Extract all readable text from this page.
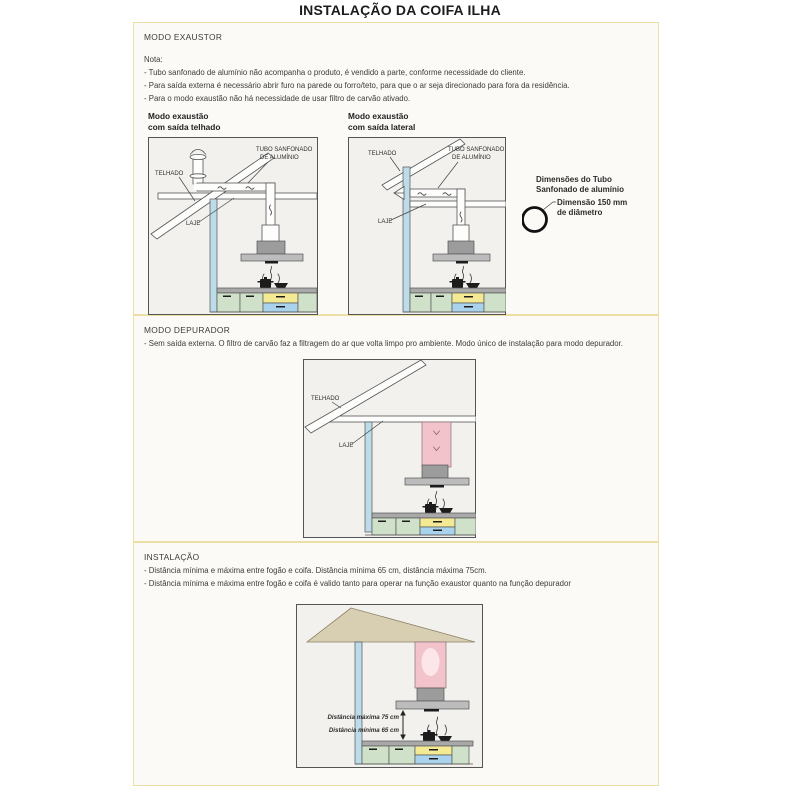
INSTALAÇÃO DA COIFA ILHA
MODO EXAUSTOR
Nota:
- Tubo sanfonado de alumínio não acompanha o produto, é vendido a parte, conforme necessidade do cliente.
- Para saída externa é necessário abrir furo na parede ou forro/teto, para que o ar seja direcionado para fora da residência.
- Para o modo exaustão não há necessidade de usar filtro de carvão ativado.
Modo exaustão
com saída telhado
TELHADO
TUBO SANFONADO
DE ALUMÍNIO
LAJE
Modo exaustão
com saída lateral
TELHADO
TUBO SANFONADO
DE ALUMÍNIO
LAJE
Dimensões do Tubo
Sanfonado de alumínio
Dimensão 150 mm
de diâmetro
MODO DEPURADOR
- Sem saída externa. O filtro de carvão faz a filtragem do ar que volta limpo pro ambiente. Modo único de instalação para modo depurador.
TELHADO
LAJE
INSTALAÇÃO
- Distância mínima e máxima entre fogão e coifa. Distância mínima 65 cm, distância máxima 75cm.
- Distância mínima e máxima entre fogão e coifa é valido tanto para operar na função exaustor quanto na função depurador
Distância máxima 75 cm
Distância mínima 65 cm
